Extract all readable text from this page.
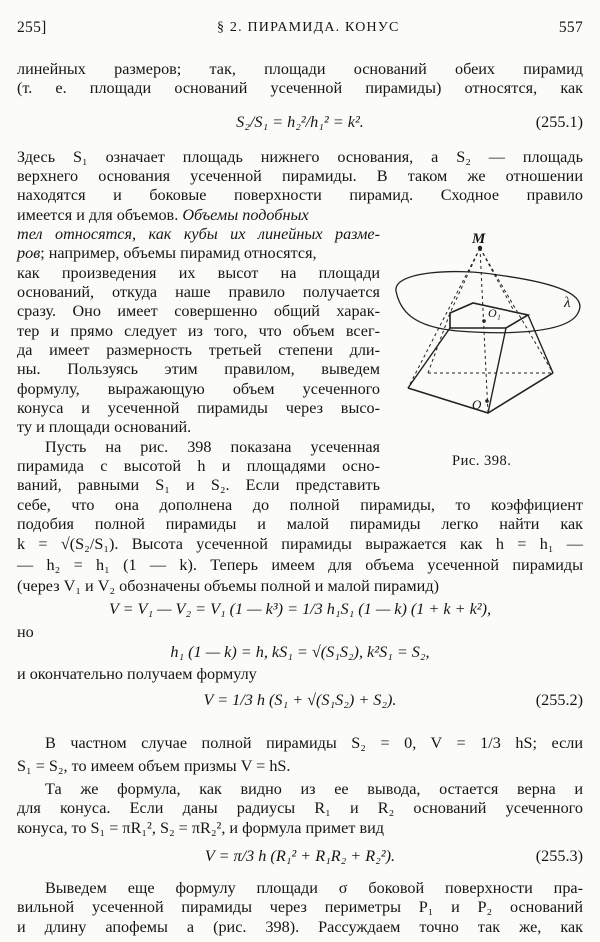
255]	§ 2. ПИРАМИДА. КОНУС	557
линейных размеров; так, площади оснований обеих пирамид
(т. е. площади оснований усеченной пирамиды) относятся, как
S₂/S₁ = h₂²/h₁² = k².	(255.1)
Здесь S₁ означает площадь нижнего основания, а S₂ — площадь
верхнего основания усеченной пирамиды. В таком же отношении
находятся и боковые поверхности пирамид. Сходное правило
имеется и для объемов. Объемы подобных
тел относятся, как кубы их линейных разме-
ров; например, объемы пирамид относятся,
как произведения их высот на площади
оснований, откуда наше правило получается
сразу. Оно имеет совершенно общий харак-
тер и прямо следует из того, что объем всег-
да имеет размерность третьей степени дли-
ны. Пользуясь этим правилом, выведем
формулу, выражающую объем усеченного
конуса и усеченной пирамиды через высо-
ту и площади оснований.
Пусть на рис. 398 показана усеченная
пирамида с высотой h и площадями осно-
ваний, равными S₁ и S₂. Если представить
себе, что она дополнена до полной пирамиды, то коэффициент
подобия полной пирамиды и малой пирамиды легко найти как
k = √(S₂/S₁). Высота усеченной пирамиды выражается как h = h₁ —
— h₂ = h₁ (1 — k). Теперь имеем для объема усеченной пирамиды
(через V₁ и V₂ обозначены объемы полной и малой пирамид)
V = V₁ — V₂ = V₁ (1 — k³) = 1/3 h₁S₁ (1 — k) (1 + k + k²),
но
h₁ (1 — k) = h, kS₁ = √(S₁S₂), k²S₁ = S₂,
и окончательно получаем формулу
V = 1/3 h (S₁ + √(S₁S₂) + S₂).	(255.2)
В частном случае полной пирамиды S₂ = 0, V = 1/3 hS; если
S₁ = S₂, то имеем объем призмы V = hS.
Та же формула, как видно из ее вывода, остается верна и
для конуса. Если даны радиусы R₁ и R₂ оснований усеченного
конуса, то S₁ = πR₁², S₂ = πR₂², и формула примет вид
V = π/3 h (R₁² + R₁R₂ + R₂²).	(255.3)
Выведем еще формулу площади σ боковой поверхности пра-
вильной усеченной пирамиды через периметры P₁ и P₂ оснований
и длину апофемы a (рис. 398). Рассуждаем точно так же, как
M
O₁
O
λ
Рис. 398.
